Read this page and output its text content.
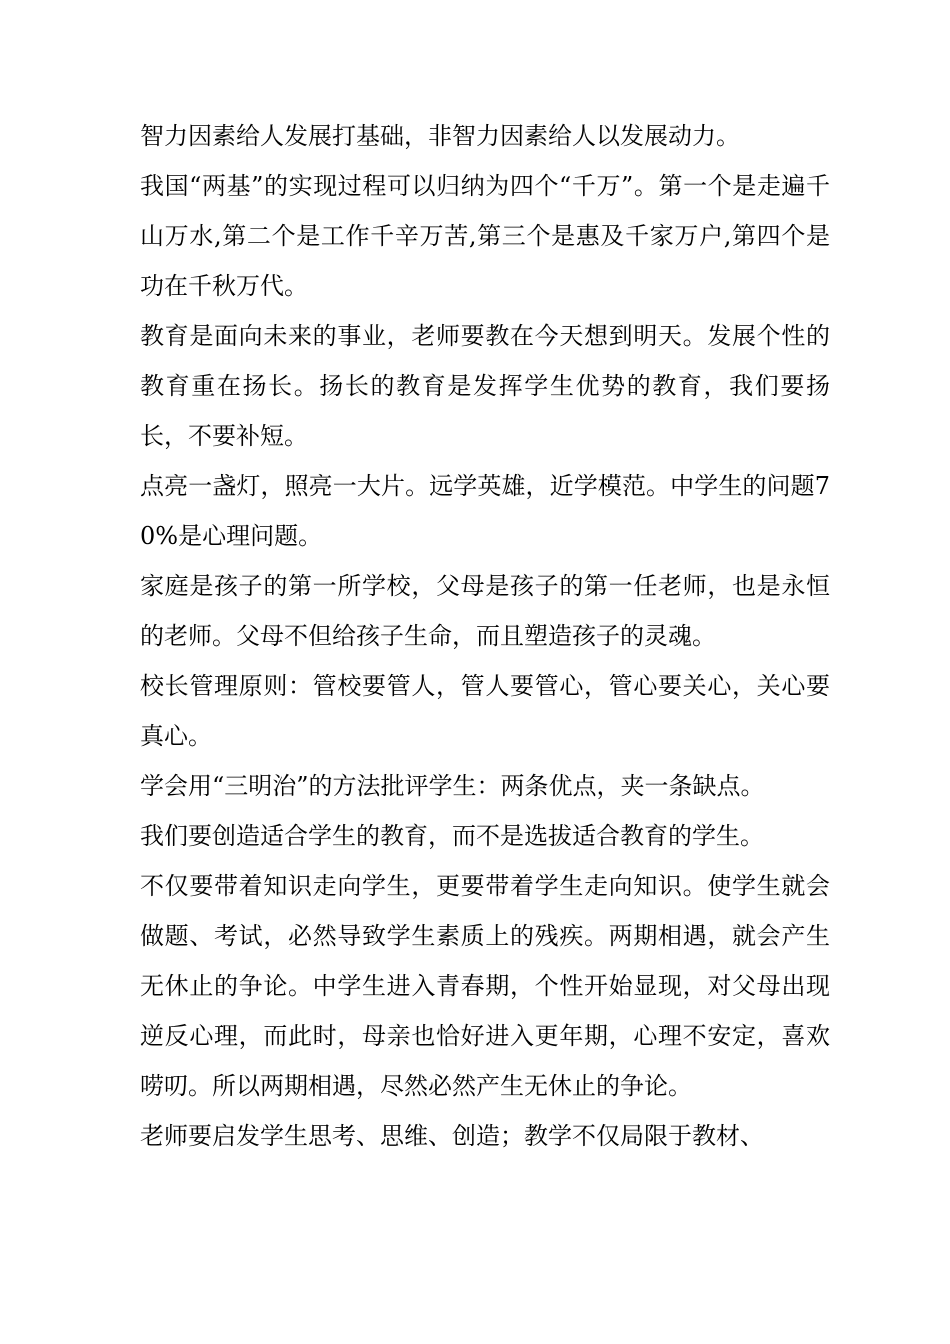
智力因素给人发展打基础，非智力因素给人以发展动力。

我国“两基”的实现过程可以归纳为四个“千万”。第一个是走遍千山万水,第二个是工作千辛万苦,第三个是惠及千家万户,第四个是功在千秋万代。

教育是面向未来的事业，老师要教在今天想到明天。发展个性的教育重在扬长。扬长的教育是发挥学生优势的教育，我们要扬长，不要补短。

点亮一盏灯，照亮一大片。远学英雄，近学模范。中学生的问题70%是心理问题。

家庭是孩子的第一所学校，父母是孩子的第一任老师，也是永恒的老师。父母不但给孩子生命，而且塑造孩子的灵魂。

校长管理原则：管校要管人，管人要管心，管心要关心，关心要真心。

学会用“三明治”的方法批评学生：两条优点，夹一条缺点。

我们要创造适合学生的教育，而不是选拔适合教育的学生。

不仅要带着知识走向学生，更要带着学生走向知识。使学生就会做题、考试，必然导致学生素质上的残疾。两期相遇，就会产生无休止的争论。中学生进入青春期，个性开始显现，对父母出现逆反心理，而此时，母亲也恰好进入更年期，心理不安定，喜欢唠叨。所以两期相遇，尽然必然产生无休止的争论。

老师要启发学生思考、思维、创造；教学不仅局限于教材、
